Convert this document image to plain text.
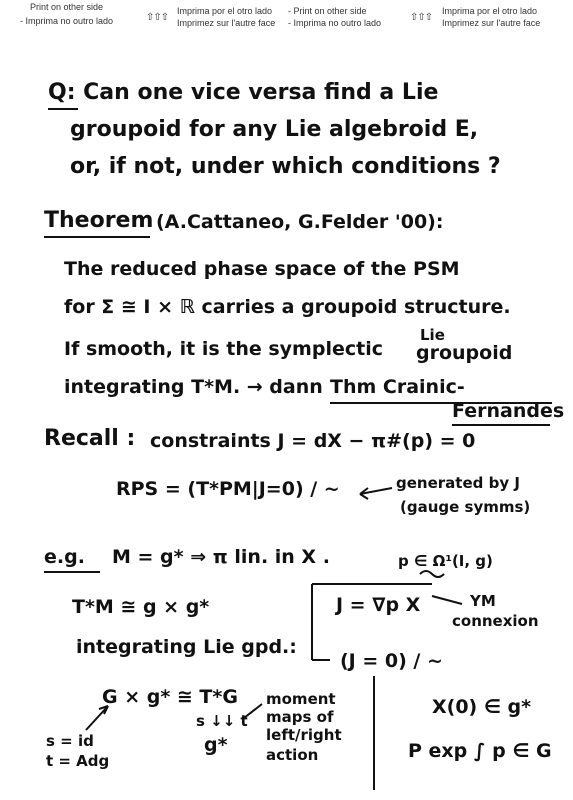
Print on other side
- Imprima no outro lado	⇧⇧⇧
Imprima por el otro lado
Imprimez sur l'autre face
- Print on other side
- Imprima no outro lado	⇧⇧⇧
Imprima por el otro lado
Imprimez sur l'autre face
Q: Can one vice versa find a Lie
groupoid for any Lie algebroid E,
or, if not, under which conditions ?
Theorem (A.Cattaneo, G.Felder '00):
The reduced phase space of the PSM
for Σ ≅ I × ℝ carries a groupoid structure.
Lie
If smooth, it is the symplectic groupoid
integrating T*M. → dann Thm Crainic-
Fernandes
Recall : constraints J = dX − π#(p) = 0
RPS = (T*PM|J=0) / ~	generated by J
(gauge symms)
e.g. M = g* ⇒ π lin. in X .	p ∈ Ω¹(I, g)
T*M ≅ g × g*	J = ∇p X	YM
connexion
integrating Lie gpd.:
(J = 0) / ~
G × g* ≅ T*G
s ↓↓ t
g*
moment
maps of
left/right
action
s = id
t = Adg
X(0) ∈ g*
P exp ∫ p ∈ G
